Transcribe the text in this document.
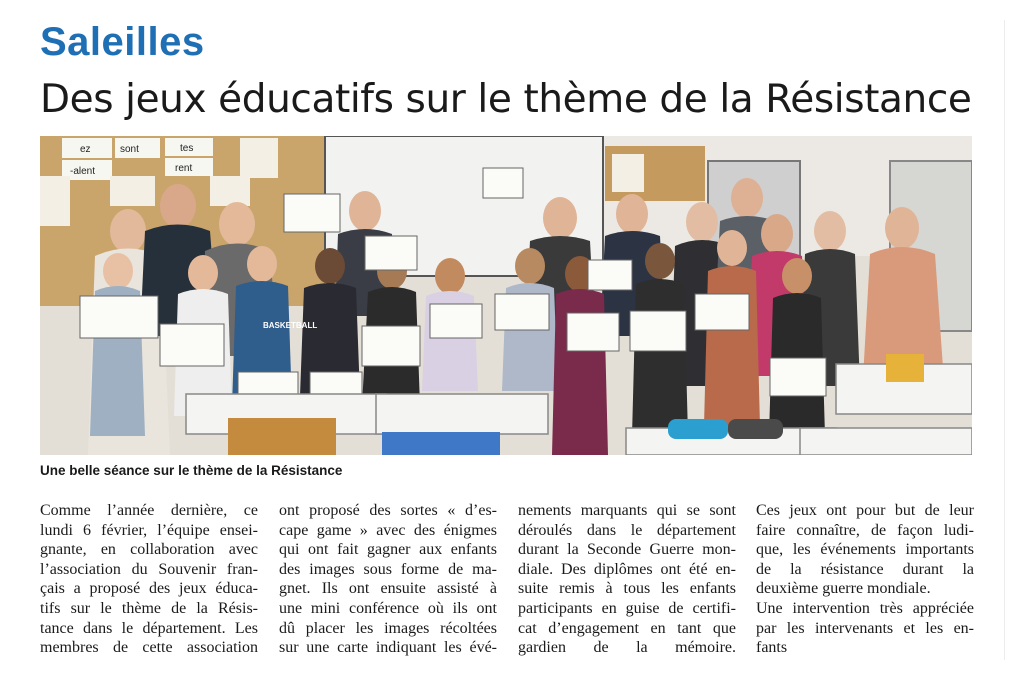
Saleilles
Des jeux éducatifs sur le thème de la Résistance
ez
-alent
tes
rent
sont
BASKETBALL
Une belle séance sur le thème de la Résistance
Comme l’année dernière, ce
lundi 6 février, l’équipe ensei-
gnante, en collaboration avec
l’association du Souvenir fran-
çais a proposé des jeux éduca-
tifs sur le thème de la Résis-
tance dans le département. Les
membres de cette association
ont proposé des sortes « d’es-
cape game » avec des énigmes
qui ont fait gagner aux enfants
des images sous forme de ma-
gnet. Ils ont ensuite assisté à
une mini conférence où ils ont
dû placer les images récoltées
sur une carte indiquant les évé-
nements marquants qui se sont
déroulés dans le département
durant la Seconde Guerre mon-
diale. Des diplômes ont été en-
suite remis à tous les enfants
participants en guise de certifi-
cat d’engagement en tant que
gardien de la mémoire.
Ces jeux ont pour but de leur
faire connaître, de façon ludi-
que, les événements importants
de la résistance durant la
deuxième guerre mondiale.
Une intervention très appréciée
par les intervenants et les en-
fants
